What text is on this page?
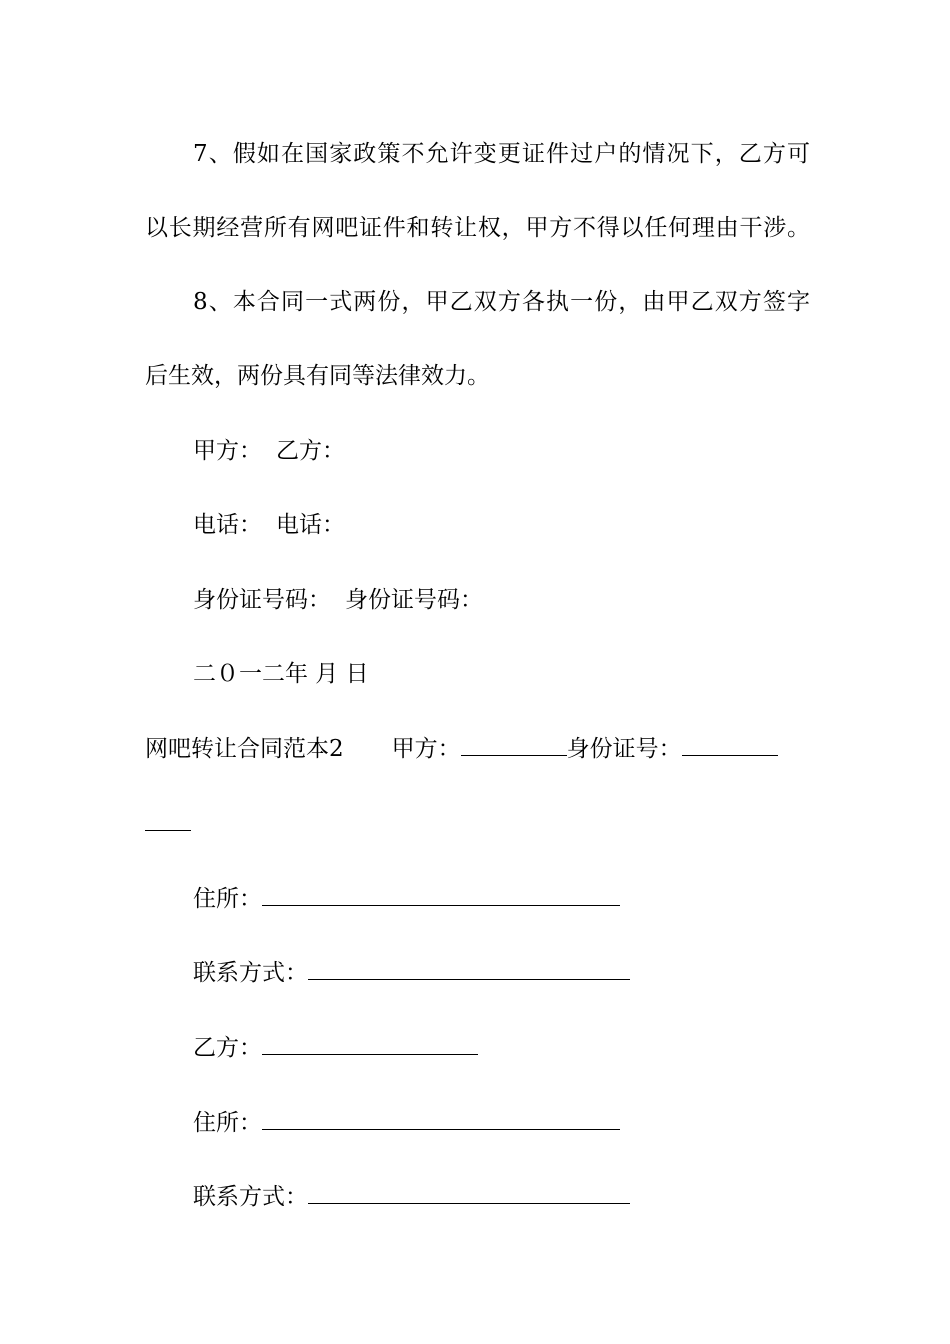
7、假如在国家政策不允许变更证件过户的情况下，乙方可
以长期经营所有网吧证件和转让权，甲方不得以任何理由干涉。
8、本合同一式两份，甲乙双方各执一份，由甲乙双方签字
后生效，两份具有同等法律效力。
甲方： 乙方：
电话： 电话：
身份证号码： 身份证号码：
二０一二年 月 日
网吧转让合同范本2 甲方：	身份证号：
住所：
联系方式：
乙方：
住所：
联系方式：
